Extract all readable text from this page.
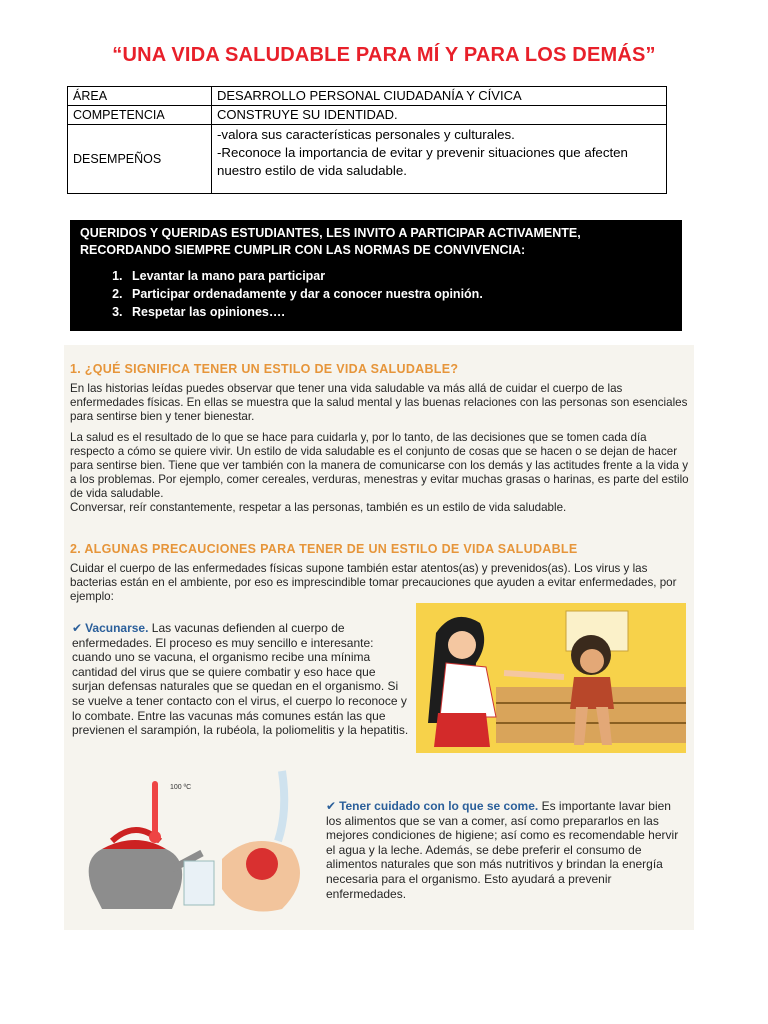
“UNA VIDA SALUDABLE PARA MÍ Y PARA LOS DEMÁS”
ÁREA	DESARROLLO PERSONAL CIUDADANÍA Y CÍVICA
COMPETENCIA	CONSTRUYE SU IDENTIDAD.
DESEMPEÑOS	-valora sus características personales y culturales.
-Reconoce la importancia de evitar y prevenir situaciones que afecten nuestro estilo de vida saludable.

QUERIDOS Y QUERIDAS ESTUDIANTES, LES INVITO A PARTICIPAR ACTIVAMENTE, RECORDANDO SIEMPRE CUMPLIR CON LAS NORMAS DE CONVIVENCIA:

1. Levantar la mano para participar
2. Participar ordenadamente y dar a conocer nuestra opinión.
3. Respetar las opiniones….
1. ¿QUÉ SIGNIFICA TENER UN ESTILO DE VIDA SALUDABLE?

En las historias leídas puedes observar que tener una vida saludable va más allá de cuidar el cuerpo de las enfermedades físicas. En ellas se muestra que la salud mental y las buenas relaciones con las personas son esenciales para sentirse bien y tener bienestar.

La salud es el resultado de lo que se hace para cuidarla y, por lo tanto, de las decisiones que se tomen cada día respecto a cómo se quiere vivir. Un estilo de vida saludable es el conjunto de cosas que se hacen o se dejan de hacer para sentirse bien. Tiene que ver también con la manera de comunicarse con los demás y las actitudes frente a la vida y a los problemas. Por ejemplo, comer cereales, verduras, menestras y evitar muchas grasas o harinas, es parte del estilo de vida saludable.

Conversar, reír constantemente, respetar a las personas, también es un estilo de vida saludable.

2. ALGUNAS PRECAUCIONES PARA TENER DE UN ESTILO DE VIDA SALUDABLE

Cuidar el cuerpo de las enfermedades físicas supone también estar atentos(as) y prevenidos(as). Los virus y las bacterias están en el ambiente, por eso es imprescindible tomar precauciones que ayuden a evitar enfermedades, por ejemplo:

✔ Vacunarse. Las vacunas defienden al cuerpo de enfermedades. El proceso es muy sencillo e interesante: cuando uno se vacuna, el organismo recibe una mínima cantidad del virus que se quiere combatir y eso hace que surjan defensas naturales que se quedan en el organismo. Si se vuelve a tener contacto con el virus, el cuerpo lo reconoce y lo combate. Entre las vacunas más comunes están las que previenen el sarampión, la rubéola, la poliomelitis y la hepatitis.

100 ºC

✔ Tener cuidado con lo que se come. Es importante lavar bien los alimentos que se van a comer, así como prepararlos en las mejores condiciones de higiene; así como es recomendable hervir el agua y la leche. Además, se debe preferir el consumo de alimentos naturales que son más nutritivos y brindan la energía necesaria para el organismo. Esto ayudará a prevenir enfermedades.
